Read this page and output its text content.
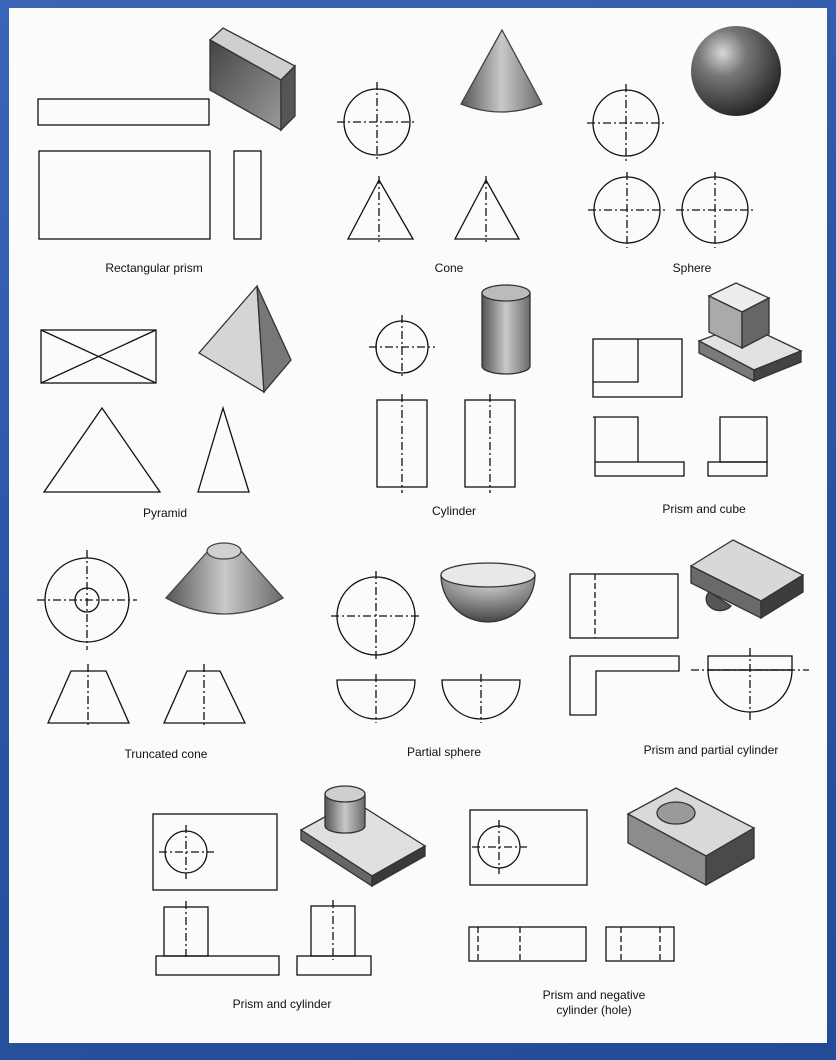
Rectangular prism	Cone	Sphere
Pyramid	Cylinder	Prism and cube
Truncated cone	Partial sphere	Prism and partial cylinder
Prism and cylinder
Prism and negative
cylinder (hole)
